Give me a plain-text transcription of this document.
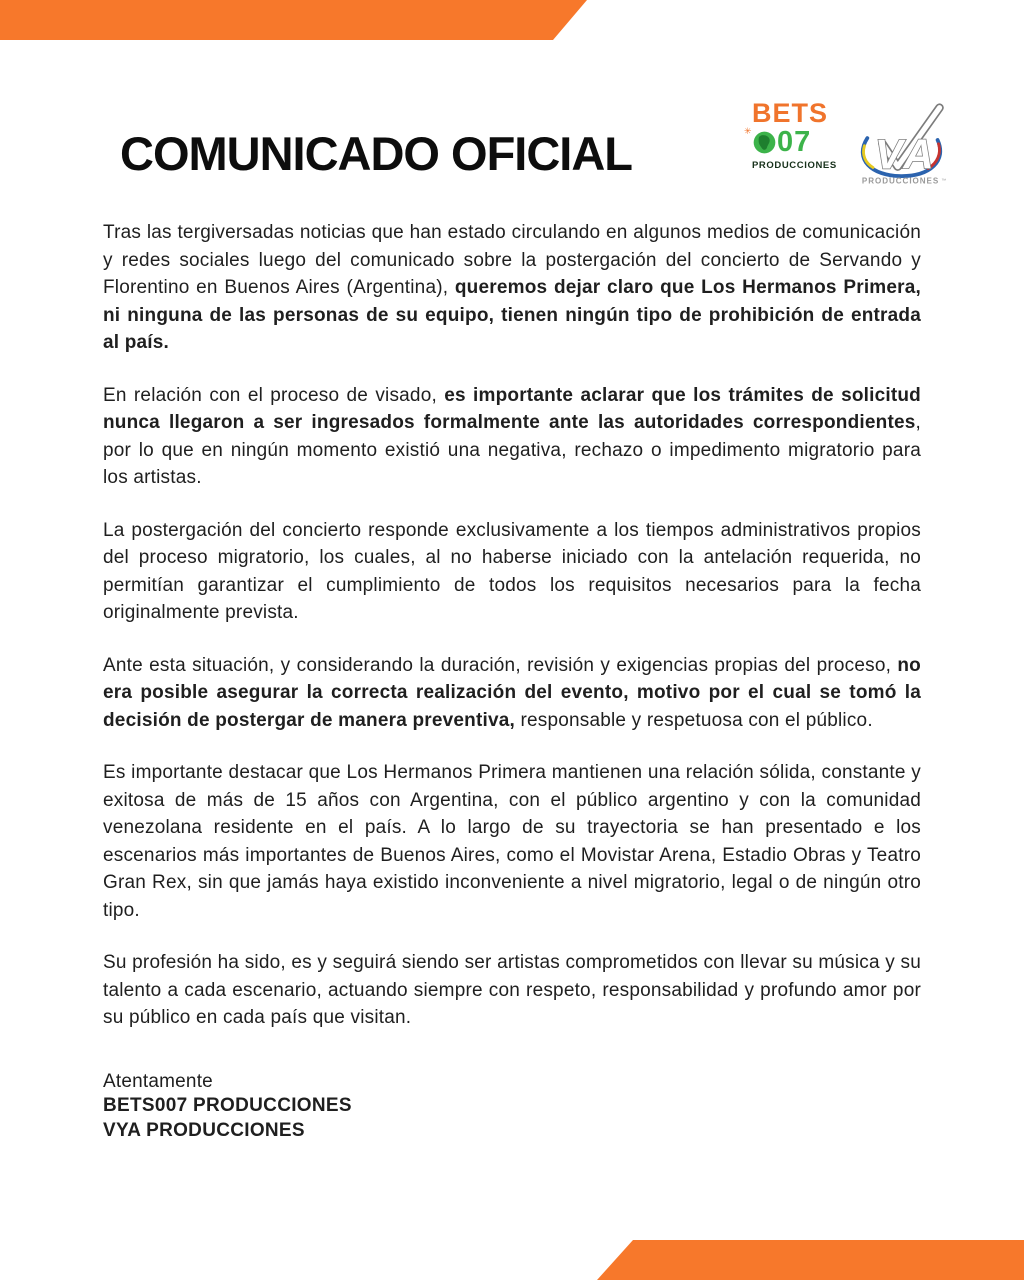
COMUNICADO OFICIAL
BETS
✳ 07
PRODUCCIONES V A
PRODUCCIONES ™

Tras las tergiversadas noticias que han estado circulando en algunos medios de comunicación y redes sociales luego del comunicado sobre la postergación del concierto de Servando y Florentino en Buenos Aires (Argentina), queremos dejar claro que Los Hermanos Primera, ni ninguna de las personas de su equipo, tienen ningún tipo de prohibición de entrada al país.

En relación con el proceso de visado, es importante aclarar que los trámites de solicitud nunca llegaron a ser ingresados formalmente ante las autoridades correspondientes, por lo que en ningún momento existió una negativa, rechazo o impedimento migratorio para los artistas.

La postergación del concierto responde exclusivamente a los tiempos administrativos propios del proceso migratorio, los cuales, al no haberse iniciado con la antelación requerida, no permitían garantizar el cumplimiento de todos los requisitos necesarios para la fecha originalmente prevista.

Ante esta situación, y considerando la duración, revisión y exigencias propias del proceso, no era posible asegurar la correcta realización del evento, motivo por el cual se tomó la decisión de postergar de manera preventiva, responsable y respetuosa con el público.

Es importante destacar que Los Hermanos Primera mantienen una relación sólida, constante y exitosa de más de 15 años con Argentina, con el público argentino y con la comunidad venezolana residente en el país. A lo largo de su trayectoria se han presentado e los escenarios más importantes de Buenos Aires, como el Movistar Arena, Estadio Obras y Teatro Gran Rex, sin que jamás haya existido inconveniente a nivel migratorio, legal o de ningún otro tipo.

Su profesión ha sido, es y seguirá siendo ser artistas comprometidos con llevar su música y su talento a cada escenario, actuando siempre con respeto, responsabilidad y profundo amor por su público en cada país que visitan.

Atentamente
BETS007 PRODUCCIONES
VYA PRODUCCIONES
